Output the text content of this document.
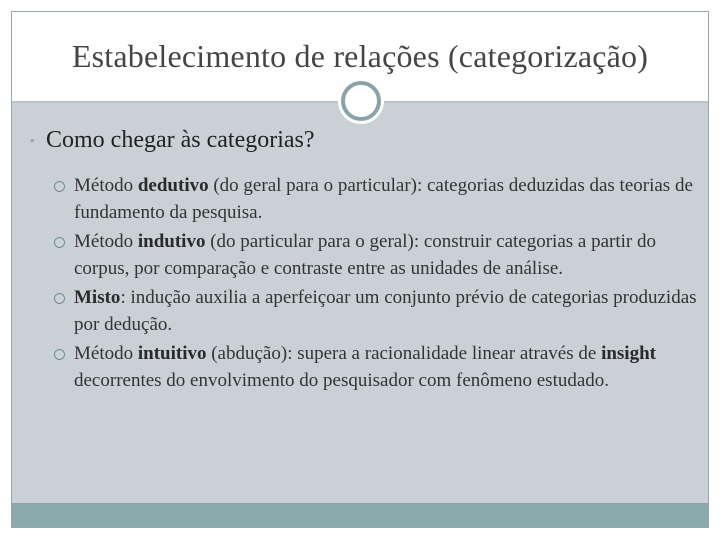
Estabelecimento de relações (categorização)
• Como chegar às categorias?
Método dedutivo (do geral para o particular): categorias deduzidas das teorias de fundamento da pesquisa.
Método indutivo (do particular para o geral): construir categorias a partir do corpus, por comparação e contraste entre as unidades de análise.
Misto: indução auxilia a aperfeiçoar um conjunto prévio de categorias produzidas por dedução.
Método intuitivo (abdução): supera a racionalidade linear através de insight decorrentes do envolvimento do pesquisador com fenômeno estudado.
